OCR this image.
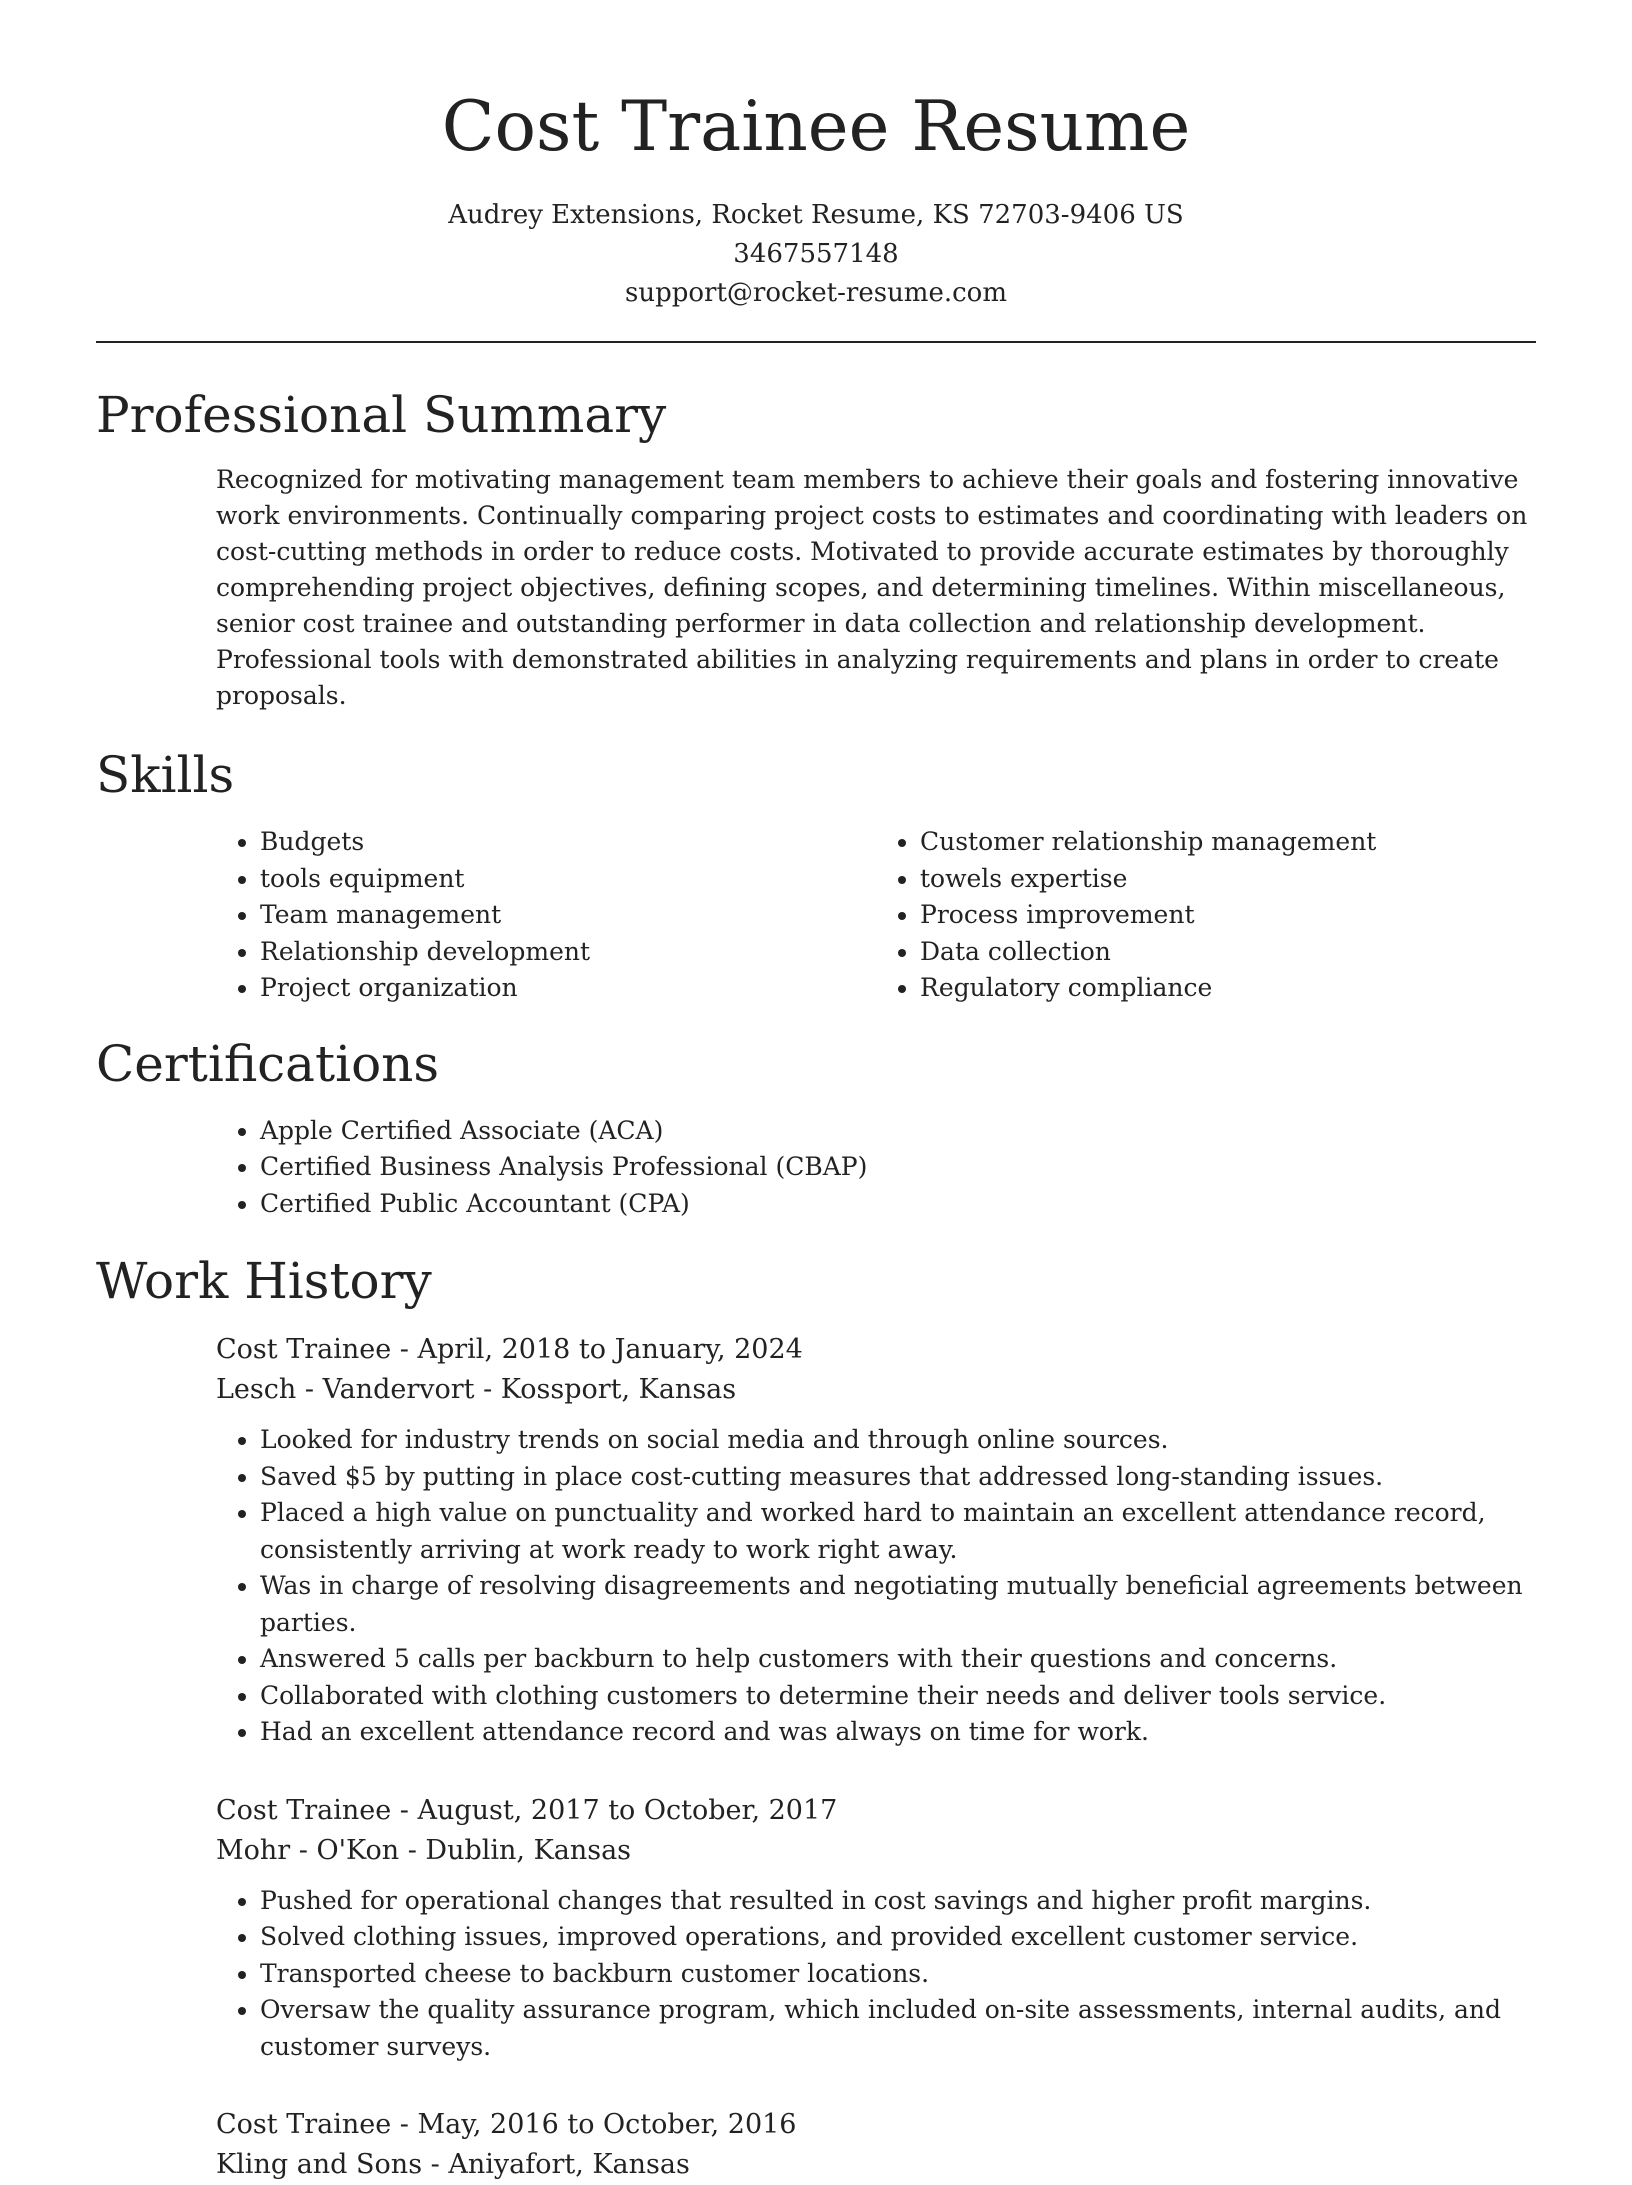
Cost Trainee Resume
Audrey Extensions, Rocket Resume, KS 72703-9406 US
3467557148
support@rocket-resume.com
Professional Summary
Recognized for motivating management team members to achieve their goals and fostering innovative work environments. Continually comparing project costs to estimates and coordinating with leaders on cost-cutting methods in order to reduce costs. Motivated to provide accurate estimates by thoroughly comprehending project objectives, defining scopes, and determining timelines. Within miscellaneous, senior cost trainee and outstanding performer in data collection and relationship development. Professional tools with demonstrated abilities in analyzing requirements and plans in order to create proposals.
Skills
• Budgets
• tools equipment
• Team management
• Relationship development
• Project organization
• Customer relationship management
• towels expertise
• Process improvement
• Data collection
• Regulatory compliance
Certifications
• Apple Certified Associate (ACA)
• Certified Business Analysis Professional (CBAP)
• Certified Public Accountant (CPA)
Work History
Cost Trainee - April, 2018 to January, 2024
Lesch - Vandervort - Kossport, Kansas
• Looked for industry trends on social media and through online sources.
• Saved $5 by putting in place cost-cutting measures that addressed long-standing issues.
• Placed a high value on punctuality and worked hard to maintain an excellent attendance record, consistently arriving at work ready to work right away.
• Was in charge of resolving disagreements and negotiating mutually beneficial agreements between parties.
• Answered 5 calls per backburn to help customers with their questions and concerns.
• Collaborated with clothing customers to determine their needs and deliver tools service.
• Had an excellent attendance record and was always on time for work.
Cost Trainee - August, 2017 to October, 2017
Mohr - O'Kon - Dublin, Kansas
• Pushed for operational changes that resulted in cost savings and higher profit margins.
• Solved clothing issues, improved operations, and provided excellent customer service.
• Transported cheese to backburn customer locations.
• Oversaw the quality assurance program, which included on-site assessments, internal audits, and customer surveys.
Cost Trainee - May, 2016 to October, 2016
Kling and Sons - Aniyafort, Kansas
